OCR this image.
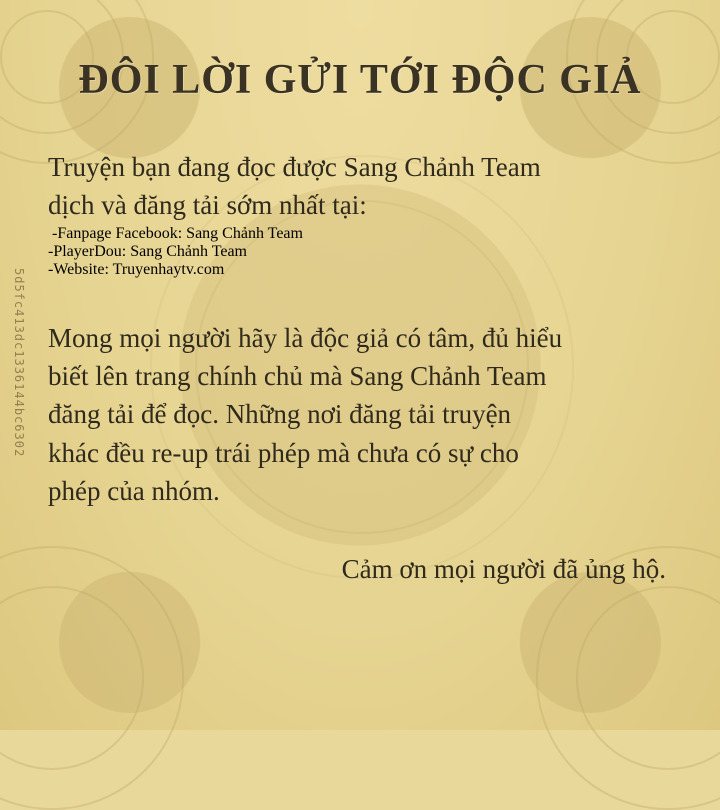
5d5fc413dc1336144bc6302
ĐÔI LỜI GỬI TỚI ĐỘC GIẢ
Truyện bạn đang đọc được Sang Chảnh Team
dịch và đăng tải sớm nhất tại:
-Fanpage Facebook: Sang Chảnh Team
-PlayerDou: Sang Chảnh Team
-Website: Truyenhaytv.com
Mong mọi người hãy là độc giả có tâm, đủ hiểu
biết lên trang chính chủ mà Sang Chảnh Team
đăng tải để đọc. Những nơi đăng tải truyện
khác đều re-up trái phép mà chưa có sự cho
phép của nhóm.
Cảm ơn mọi người đã ủng hộ.
